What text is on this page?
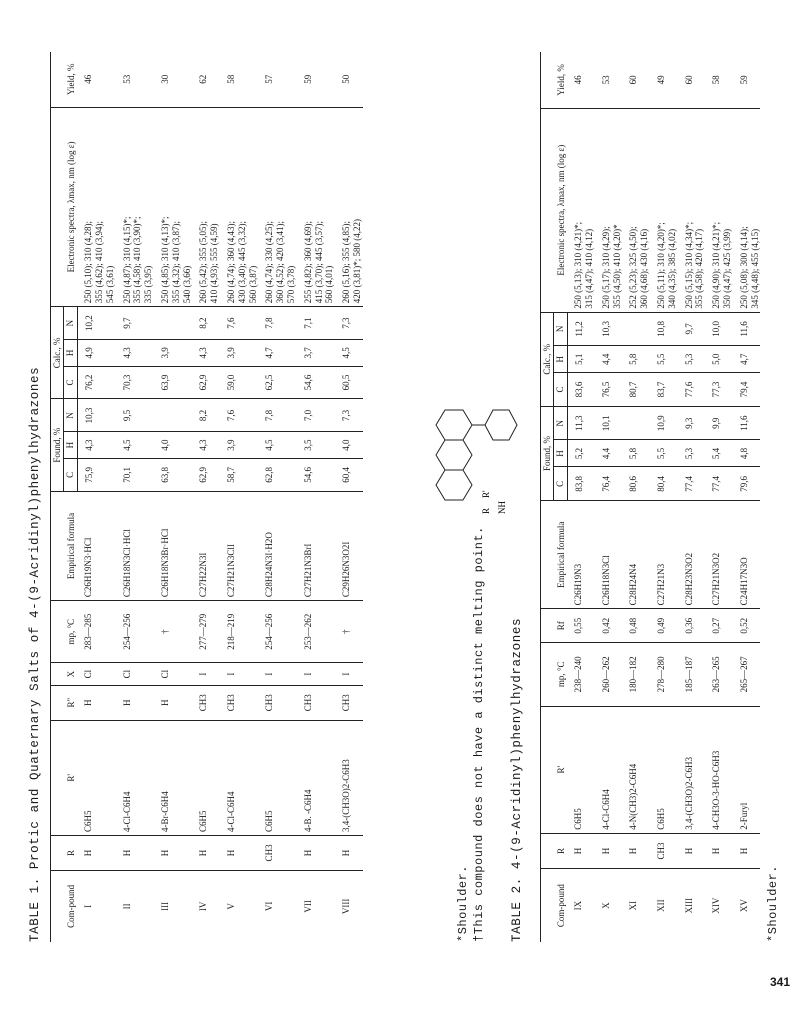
TABLE 1. Protic and Quaternary Salts of 4-(9-Acridinyl)phenylhydrazones	Com-pound	R	R'	R"	X	mp, °C	Empirical formula	Found, %			Calc., %			Electronic spectra, λmax, nm (log ε)	Yield, %
							C	H	N	C	H	N		
I	H	C6H5	H	Cl	283—285	C26H19N3·HCl	75,9	4,3	10,3	76,2	4,9	10,2	250 (5,10); 310 (4,28); 355 (4,62); 410 (3,94); 545 (3,61)	46
II	H	4-Cl-C6H4	H	Cl	254—256	C26H18N3Cl·HCl	70,1	4,5	9,5	70,3	4,3	9,7	250 (4,87); 310 (4,15)*; 355 (4,58); 410 (3,90)*; 335 (3,95)	53
III	H	4-Br-C6H4	H	Cl	†	C26H18N3Br·HCl	63,8	4,0		63,9	3,9		250 (4,85); 310 (4,13)*; 355 (4,32); 410 (3,87); 540 (3,66)	30
IV	H	C6H5	CH3	I	277—279	C27H22N3I	62,9	4,3	8,2	62,9	4,3	8,2	260 (5,42); 355 (5,05); 410 (4,93); 555 (4,59)	62
V	H	4-Cl-C6H4	CH3	I	218—219	C27H21N3ClI	58,7	3,9	7,6	59,0	3,9	7,6	260 (4,74); 360 (4,43); 430 (3,40); 445 (3,32); 560 (3,87)	58
VI	CH3	C6H5	CH3	I	254—256	C28H24N3I·H2O	62,8	4,5	7,8	62,5	4,7	7,8	260 (4,74); 330 (4,25); 360 (4,52); 420 (3,41); 570 (3,78)	57
VII	H	4-B. -C6H4	CH3	I	253—262	C27H21N3BrI	54,6	3,5	7,0	54,6	3,7	7,1	255 (4,82); 360 (4,69); 415 (3,70); 445 (3,57); 560 (4,01)	59
VIII	H	3,4-(CH3O)2-C6H3	CH3	I	†	C29H26N3O2I	60,4	4,0	7,3	60,5	4,5	7,3	260 (5,16); 355 (4,85); 420 (3,81)*; 580 (4,22)	50
*Shoulder. †This compound does not have a distinct melting point. TABLE 2. 4-(9-Acridinyl)phenylhydrazones
NH
R
R'
Com-pound	R	R'	mp, °C	Rf	Empirical formula	Found, %			Calc., %			Electronic spectra, λmax, nm (log ε)	Yield, %
						C	H	N	C	H	N		
IX	H	C6H5	238—240	0,55	C26H19N3	83,8	5,2	11,3	83,6	5,1	11,2	250 (5,13); 310 (4,21)*; 315 (4,47); 410 (4,12)	46
X	H	4-Cl-C6H4	260—262	0,42	C26H18N3Cl	76,4	4,4	10,1	76,5	4,4	10,3	250 (5,17); 310 (4,29); 355 (4,50); 410 (4,20)*	53
XI	H	4-N(CH3)2-C6H4	180—182	0,48	C28H24N4	80,6	5,8		80,7	5,8		252 (5,23); 325 (4,50); 360 (4,68); 430 (4,16)	60
XII	CH3	C6H5	278—280	0,49	C27H21N3	80,4	5,5	10,9	83,7	5,5	10,8	250 (5,11); 310 (4,20)*; 340 (4,35); 385 (4,02)	49
XIII	H	3,4-(CH3O)2-C6H3	185—187	0,36	C28H23N3O2	77,4	5,3	9,3	77,6	5,3	9,7	250 (5,15); 310 (4,34)*; 355 (4,58); 420 (4,17)	60
XIV	H	4-CH3O-3-HO-C6H3	263—265	0,27	C27H21N3O2	77,4	5,4	9,9	77,3	5,0	10,0	250 (4,90); 310 (4,21)*; 350 (4,47); 425 (3,99)	58
XV	H	2-Furyl	265—267	0,52	C24H17N3O	79,6	4,8	11,6	79,4	4,7	11,6	250 (5,08); 300 (4,14); 345 (4,48); 455 (4,15)	59
*Shoulder.
341
